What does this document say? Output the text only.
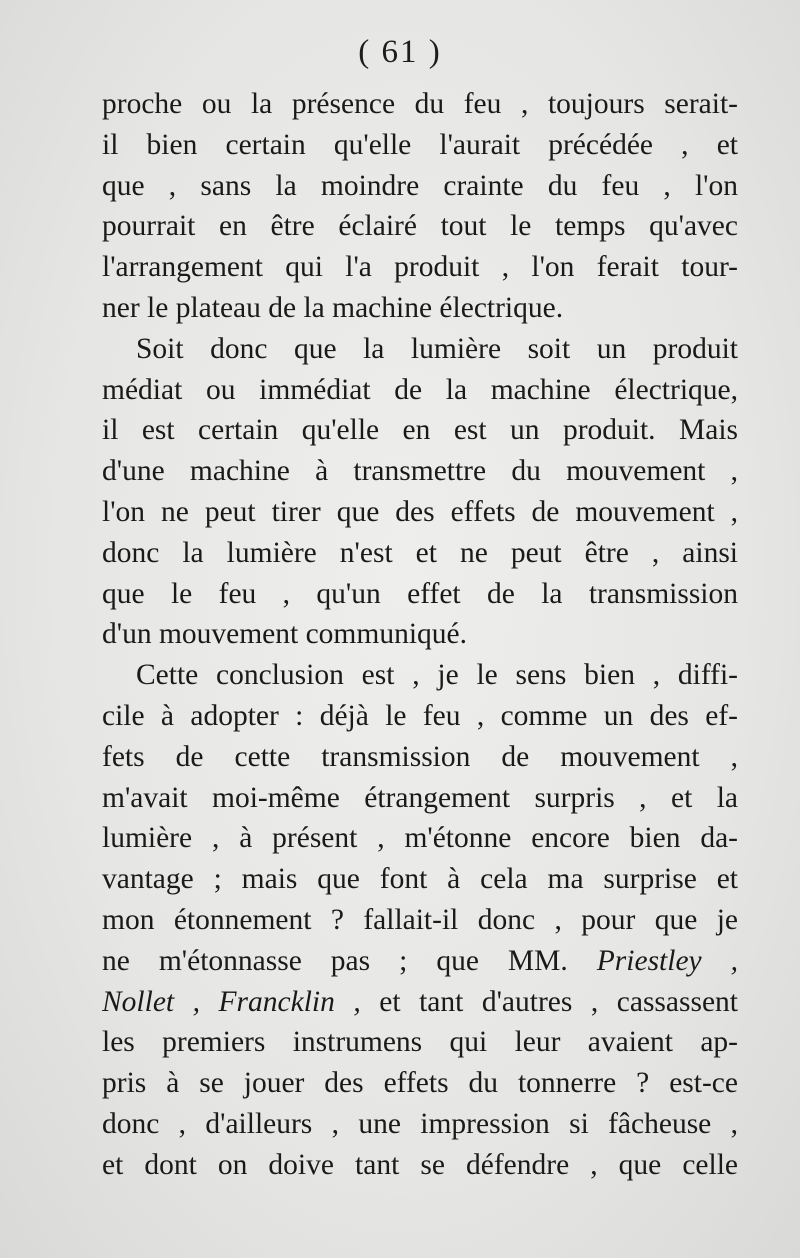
( 61 )
proche ou la présence du feu , toujours serait-
il bien certain qu'elle l'aurait précédée , et
que , sans la moindre crainte du feu , l'on
pourrait en être éclairé tout le temps qu'avec
l'arrangement qui l'a produit , l'on ferait tour-
ner le plateau de la machine électrique.
Soit donc que la lumière soit un produit
médiat ou immédiat de la machine électrique,
il est certain qu'elle en est un produit. Mais
d'une machine à transmettre du mouvement ,
l'on ne peut tirer que des effets de mouvement ,
donc la lumière n'est et ne peut être , ainsi
que le feu , qu'un effet de la transmission
d'un mouvement communiqué.
Cette conclusion est , je le sens bien , diffi-
cile à adopter : déjà le feu , comme un des ef-
fets de cette transmission de mouvement ,
m'avait moi-même étrangement surpris , et la
lumière , à présent , m'étonne encore bien da-
vantage ; mais que font à cela ma surprise et
mon étonnement ? fallait-il donc , pour que je
ne m'étonnasse pas ; que MM. Priestley ,
Nollet , Francklin , et tant d'autres , cassassent
les premiers instrumens qui leur avaient ap-
pris à se jouer des effets du tonnerre ? est-ce
donc , d'ailleurs , une impression si fâcheuse ,
et dont on doive tant se défendre , que celle
